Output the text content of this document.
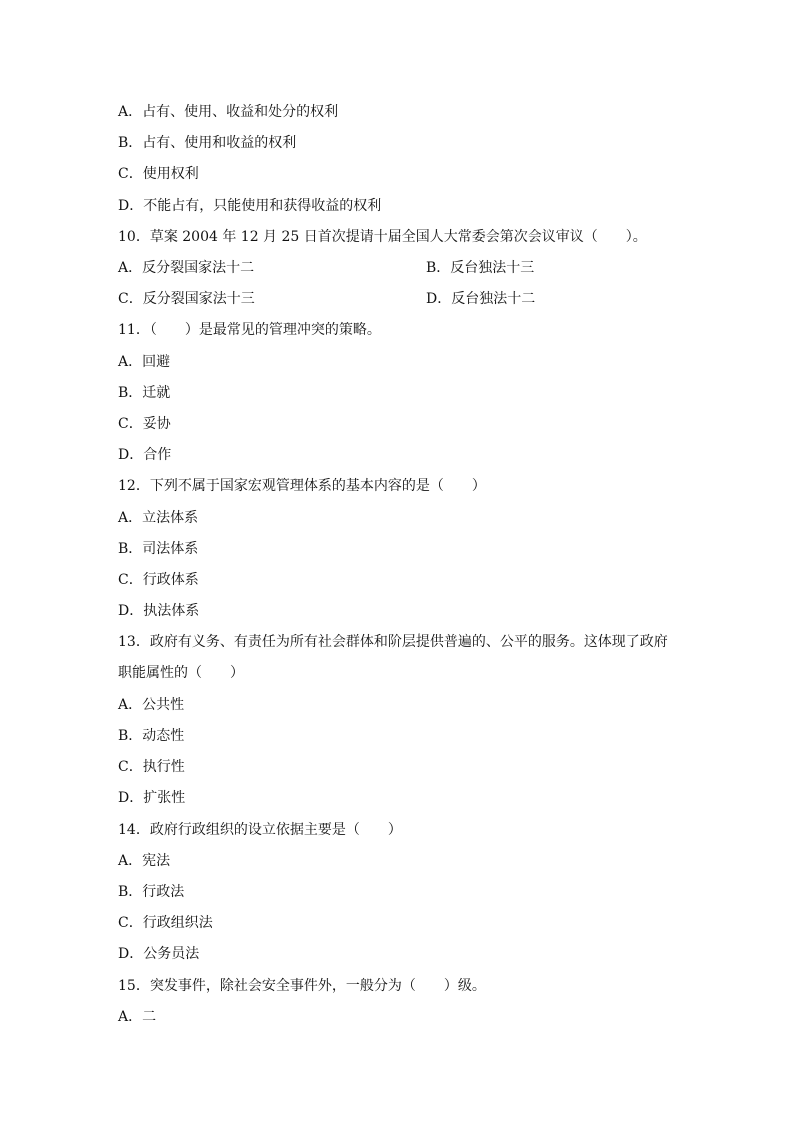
A．占有、使用、收益和处分的权利
B．占有、使用和收益的权利
C．使用权利
D．不能占有，只能使用和获得收益的权利
10．草案 2004 年 12 月 25 日首次提请十届全国人大常委会第次会议审议（　　）。
A．反分裂国家法十二	B．反台独法十三
C．反分裂国家法十三	D．反台独法十二
11．（　　）是最常见的管理冲突的策略。
A．回避
B．迁就
C．妥协
D．合作
12．下列不属于国家宏观管理体系的基本内容的是（　　）
A．立法体系
B．司法体系
C．行政体系
D．执法体系
13．政府有义务、有责任为所有社会群体和阶层提供普遍的、公平的服务。这体现了政府
职能属性的（　　）
A．公共性
B．动态性
C．执行性
D．扩张性
14．政府行政组织的设立依据主要是（　　）
A．宪法
B．行政法
C．行政组织法
D．公务员法
15．突发事件，除社会安全事件外，一般分为（　　）级。
A．二
